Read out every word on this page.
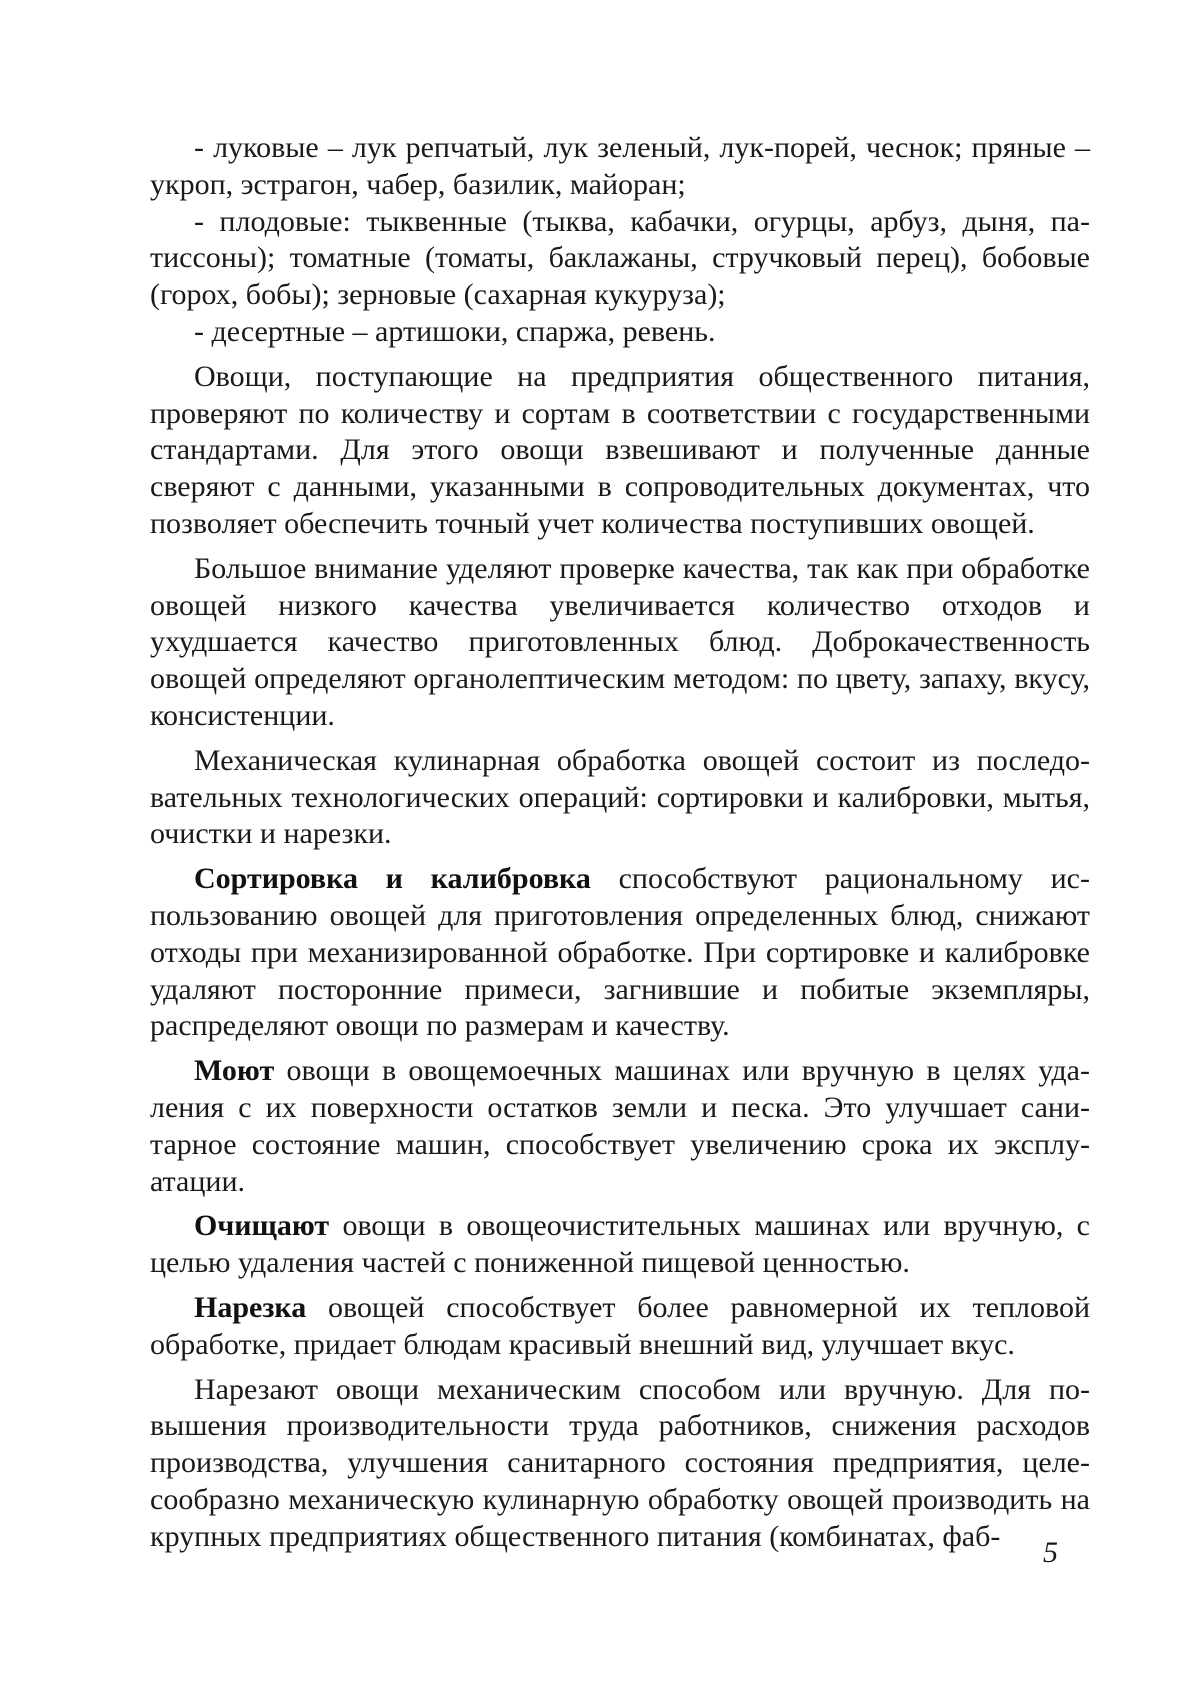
- луковые – лук репчатый, лук зеленый, лук-порей, чеснок; пряные – укроп, эстрагон, чабер, базилик, майоран;

- плодовые: тыквенные (тыква, кабачки, огурцы, арбуз, дыня, патиссоны); томатные (томаты, баклажаны, стручковый перец), бобовые (горох, бобы); зерновые (сахарная кукуруза);

- десертные – артишоки, спаржа, ревень.

Овощи, поступающие на предприятия общественного питания, проверяют по количеству и сортам в соответствии с государственными стандартами. Для этого овощи взвешивают и полученные данные сверяют с данными, указанными в сопроводительных документах, что позволяет обеспечить точный учет количества поступивших овощей.

Большое внимание уделяют проверке качества, так как при обработке овощей низкого качества увеличивается количество отходов и ухудшается качество приготовленных блюд. Доброкачественность овощей определяют органолептическим методом: по цвету, запаху, вкусу, консистенции.

Механическая кулинарная обработка овощей состоит из последовательных технологических операций: сортировки и калибровки, мытья, очистки и нарезки.

Сортировка и калибровка способствуют рациональному использованию овощей для приготовления определенных блюд, снижают отходы при механизированной обработке. При сортировке и калибровке удаляют посторонние примеси, загнившие и побитые экземпляры, распределяют овощи по размерам и качеству.

Моют овощи в овощемоечных машинах или вручную в целях удаления с их поверхности остатков земли и песка. Это улучшает санитарное состояние машин, способствует увеличению срока их эксплуатации.

Очищают овощи в овощеочистительных машинах или вручную, с целью удаления частей с пониженной пищевой ценностью.

Нарезка овощей способствует более равномерной их тепловой обработке, придает блюдам красивый внешний вид, улучшает вкус.

Нарезают овощи механическим способом или вручную. Для повышения производительности труда работников, снижения расходов производства, улучшения санитарного состояния предприятия, целесообразно механическую кулинарную обработку овощей производить на крупных предприятиях общественного питания (комбинатах, фаб-	5
